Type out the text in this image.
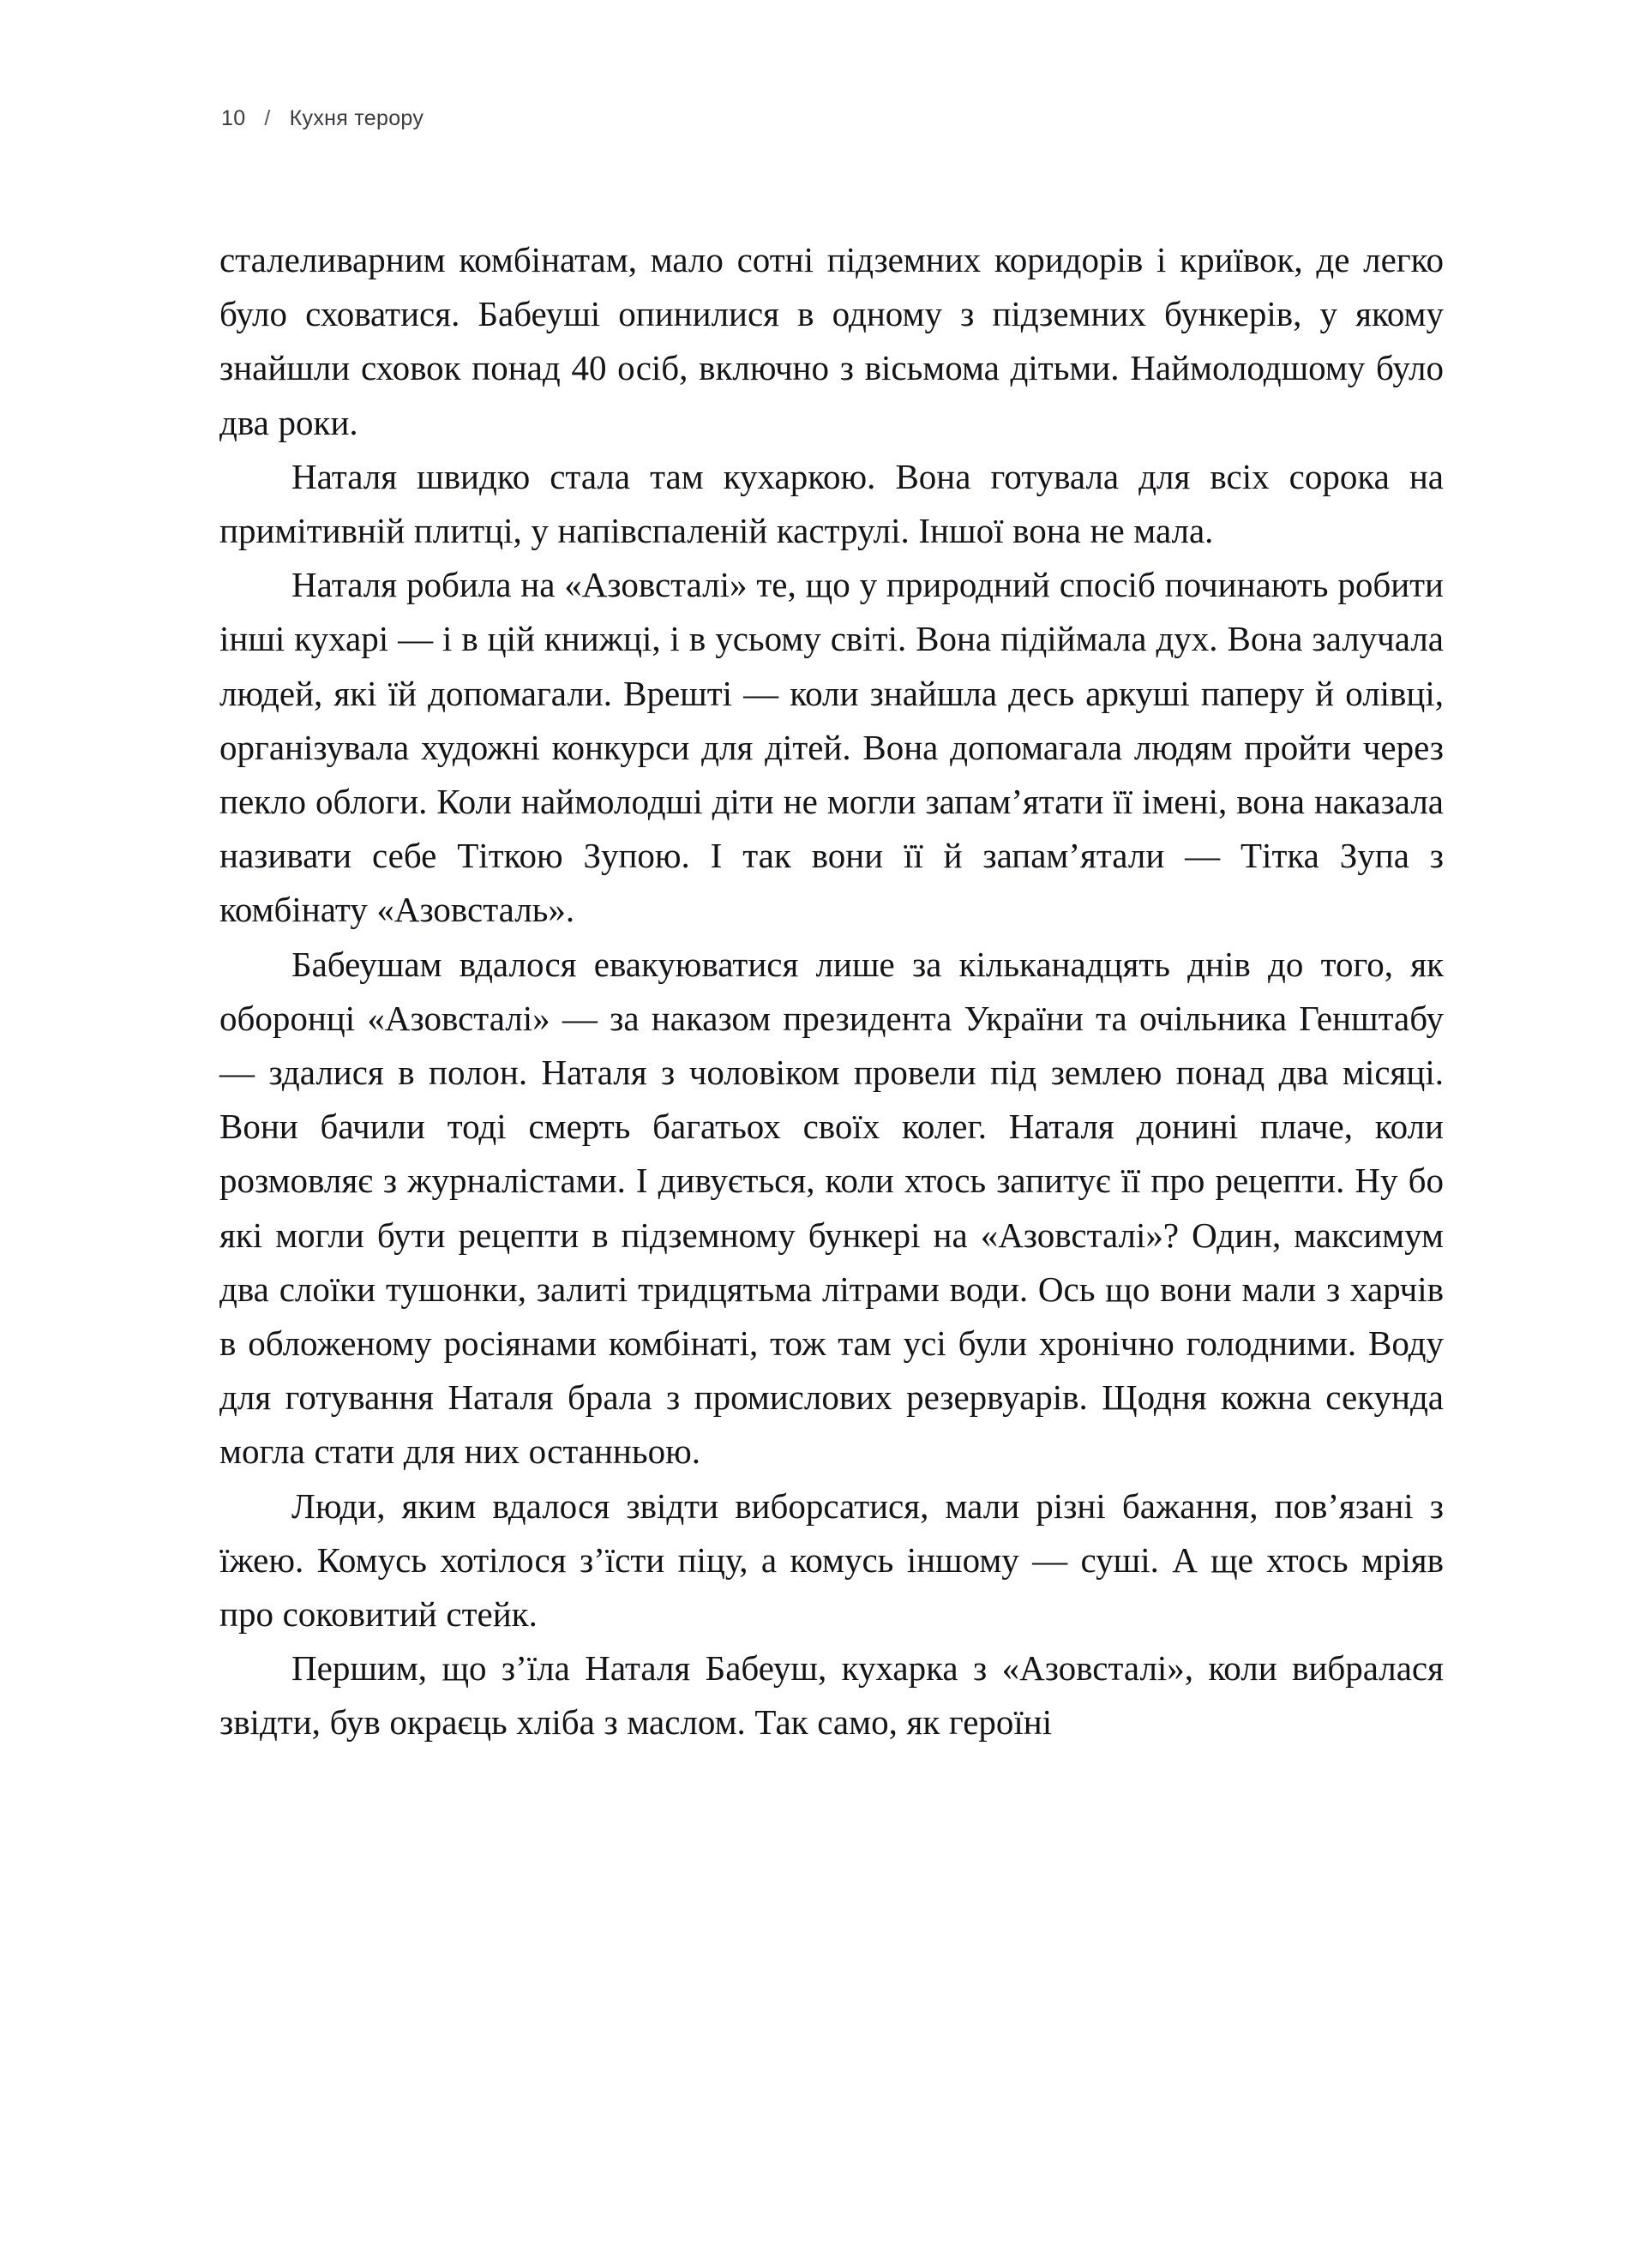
10 / Кухня терору

сталеливарним комбінатам, мало сотні підземних коридорів і криївок, де легко було сховатися. Бабеуші опинилися в одному з підземних бункерів, у якому знайшли сховок понад 40 осіб, включно з вісьмома дітьми. Наймолодшому було два роки.

Наталя швидко стала там кухаркою. Вона готувала для всіх сорока на примітивній плитці, у напівспаленій каструлі. Іншої вона не мала.

Наталя робила на «Азовсталі» те, що у природний спосіб починають робити інші кухарі — і в цій книжці, і в усьому світі. Вона підіймала дух. Вона залучала людей, які їй допомагали. Врешті — коли знайшла десь аркуші паперу й олівці, організувала художні конкурси для дітей. Вона допомагала людям пройти через пекло облоги. Коли наймолодші діти не могли запам’ятати її імені, вона наказала називати себе Тіткою Зупою. І так вони її й запам’ятали — Тітка Зупа з комбінату «Азовсталь».

Бабеушам вдалося евакуюватися лише за кільканадцять днів до того, як оборонці «Азовсталі» — за наказом президента України та очільника Генштабу — здалися в полон. Наталя з чоловіком провели під землею понад два місяці. Вони бачили тоді смерть багатьох своїх колег. Наталя донині плаче, коли розмовляє з журналістами. І дивується, коли хтось запитує її про рецепти. Ну бо які могли бути рецепти в підземному бункері на «Азовсталі»? Один, максимум два слоїки тушонки, залиті тридцятьма літрами води. Ось що вони мали з харчів в обложеному росіянами комбінаті, тож там усі були хронічно голодними. Воду для готування Наталя брала з промислових резервуарів. Щодня кожна секунда могла стати для них останньою.

Люди, яким вдалося звідти виборсатися, мали різні бажання, пов’язані з їжею. Комусь хотілося з’їсти піцу, а комусь іншому — суші. А ще хтось мріяв про соковитий стейк.

Першим, що з’їла Наталя Бабеуш, кухарка з «Азовсталі», коли вибралася звідти, був окраєць хліба з маслом. Так само, як героїні
